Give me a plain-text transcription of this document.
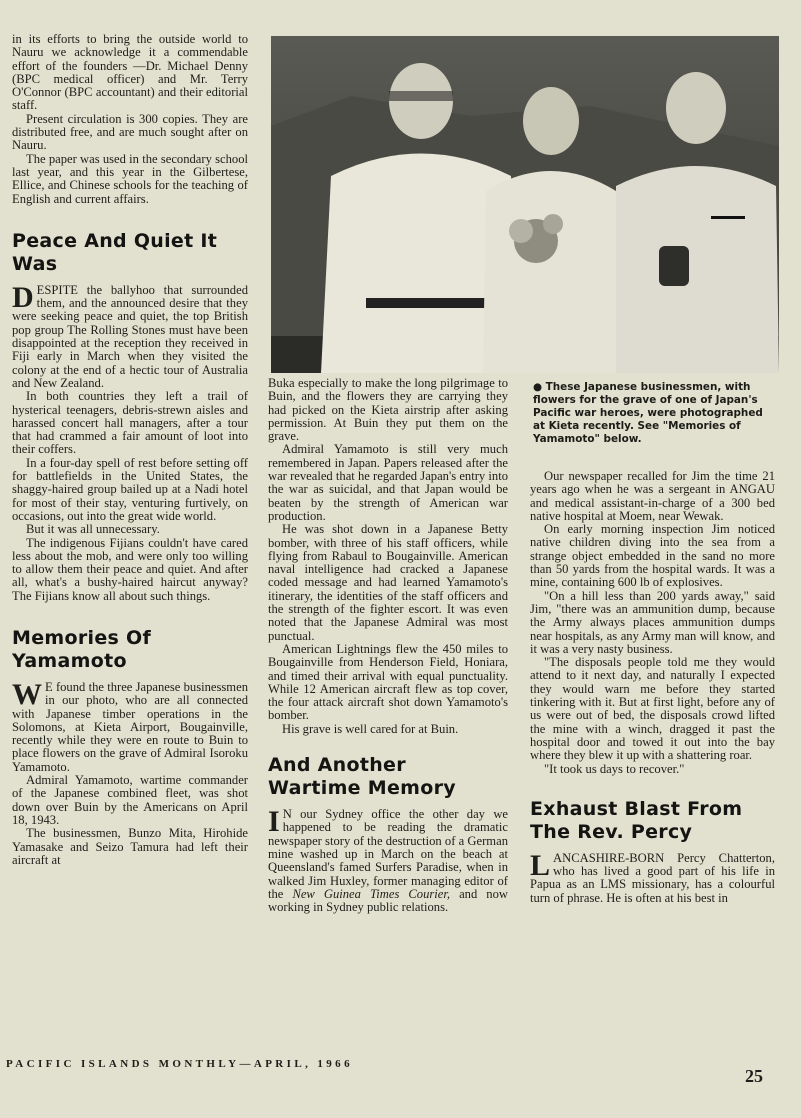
in its efforts to bring the outside world to Nauru we acknowledge it a commendable effort of the founders —Dr. Michael Denny (BPC medical officer) and Mr. Terry O'Connor (BPC accountant) and their editorial staff.

Present circulation is 300 copies. They are distributed free, and are much sought after on Nauru.

The paper was used in the secondary school last year, and this year in the Gilbertese, Ellice, and Chinese schools for the teaching of English and current affairs.

Peace And Quiet It Was

DESPITE the ballyhoo that surrounded them, and the announced desire that they were seeking peace and quiet, the top British pop group The Rolling Stones must have been disappointed at the reception they received in Fiji early in March when they visited the colony at the end of a hectic tour of Australia and New Zealand.

In both countries they left a trail of hysterical teenagers, debris-strewn aisles and harassed concert hall managers, after a tour that had crammed a fair amount of loot into their coffers.

In a four-day spell of rest before setting off for battlefields in the United States, the shaggy-haired group bailed up at a Nadi hotel for most of their stay, venturing furtively, on occasions, out into the great wide world.

But it was all unnecessary.

The indigenous Fijians couldn't have cared less about the mob, and were only too willing to allow them their peace and quiet. And after all, what's a bushy-haired haircut anyway? The Fijians know all about such things.

Memories Of Yamamoto

W E found the three Japanese businessmen in our photo, who are all connected with Japanese timber operations in the Solomons, at Kieta Airport, Bougainville, recently while they were en route to Buin to place flowers on the grave of Admiral Isoroku Yamamoto.

Admiral Yamamoto, wartime commander of the Japanese combined fleet, was shot down over Buin by the Americans on April 18, 1943.

The businessmen, Bunzo Mita, Hirohide Yamasake and Seizo Tamura had left their aircraft at

● These Japanese businessmen, with flowers for the grave of one of Japan's Pacific war heroes, were photographed at Kieta recently. See "Memories of Yamamoto" below.

Buka especially to make the long pilgrimage to Buin, and the flowers they are carrying they had picked on the Kieta airstrip after asking permission. At Buin they put them on the grave.

Admiral Yamamoto is still very much remembered in Japan. Papers released after the war revealed that he regarded Japan's entry into the war as suicidal, and that Japan would be beaten by the strength of American war production.

He was shot down in a Japanese Betty bomber, with three of his staff officers, while flying from Rabaul to Bougainville. American naval intelligence had cracked a Japanese coded message and had learned Yamamoto's itinerary, the identities of the staff officers and the strength of the fighter escort. It was even noted that the Japanese Admiral was most punctual.

American Lightnings flew the 450 miles to Bougainville from Henderson Field, Honiara, and timed their arrival with equal punctuality. While 12 American aircraft flew as top cover, the four attack aircraft shot down Yamamoto's bomber.

His grave is well cared for at Buin.

And Another Wartime Memory

I N our Sydney office the other day we happened to be reading the dramatic newspaper story of the destruction of a German mine washed up in March on the beach at Queensland's famed Surfers Paradise, when in walked Jim Huxley, former managing editor of the New Guinea Times Courier, and now working in Sydney public relations.

Our newspaper recalled for Jim the time 21 years ago when he was a sergeant in ANGAU and medical assistant-in-charge of a 300 bed native hospital at Moem, near Wewak.

On early morning inspection Jim noticed native children diving into the sea from a strange object embedded in the sand no more than 50 yards from the hospital wards. It was a mine, containing 600 lb of explosives.

"On a hill less than 200 yards away," said Jim, "there was an ammunition dump, because the Army always places ammunition dumps near hospitals, as any Army man will know, and it was a very nasty business.

"The disposals people told me they would attend to it next day, and naturally I expected they would warn me before they started tinkering with it. But at first light, before any of us were out of bed, the disposals crowd lifted the mine with a winch, dragged it past the hospital door and towed it out into the bay where they blew it up with a shattering roar.

"It took us days to recover."

Exhaust Blast From The Rev. Percy

LANCASHIRE-BORN Percy Chatterton, who has lived a good part of his life in Papua as an LMS missionary, has a colourful turn of phrase. He is often at his best in

PACIFIC ISLANDS MONTHLY—APRIL, 1966
25
